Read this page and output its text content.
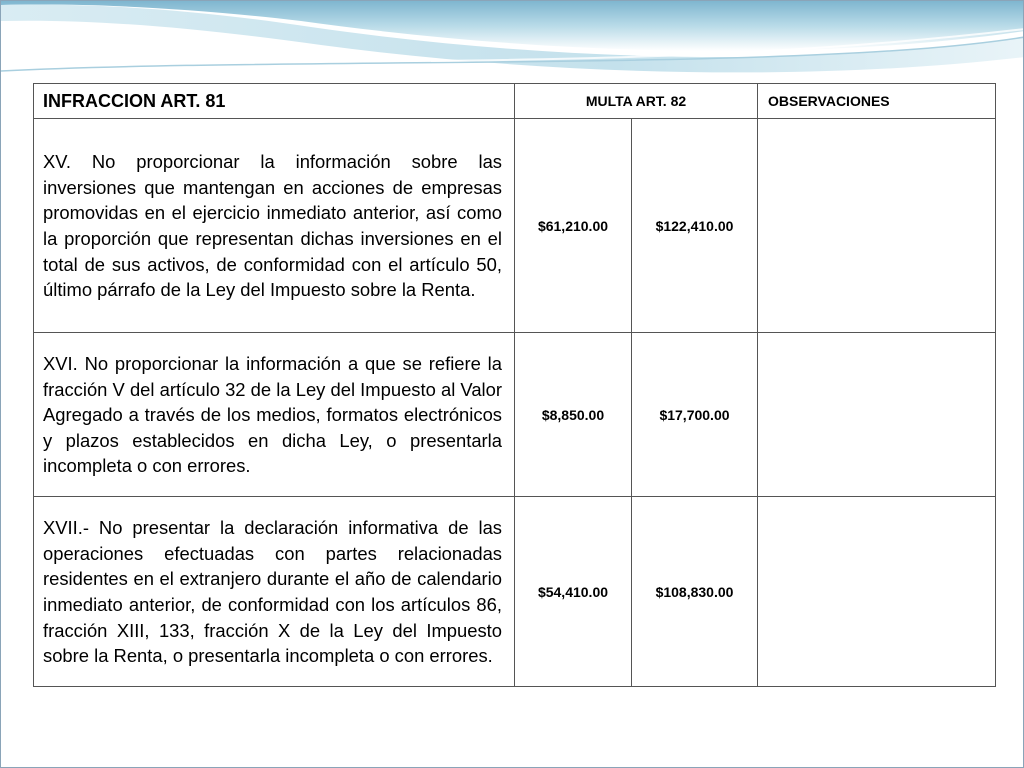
INFRACCION ART. 81	MULTA ART. 82		OBSERVACIONES
XV. No proporcionar la información sobre las inversiones que mantengan en acciones de empresas promovidas en el ejercicio inmediato anterior, así como la proporción que representan dichas inversiones en el total de sus activos, de conformidad con el artículo 50, último párrafo de la Ley del Impuesto sobre la Renta.	$61,210.00	$122,410.00	
XVI. No proporcionar la información a que se refiere la fracción V del artículo 32 de la Ley del Impuesto al Valor Agregado a través de los medios, formatos electrónicos y plazos establecidos en dicha Ley, o presentarla incompleta o con errores.	$8,850.00	$17,700.00	
XVII.- No presentar la declaración informativa de las operaciones efectuadas con partes relacionadas residentes en el extranjero durante el año de calendario inmediato anterior, de conformidad con los artículos 86, fracción XIII, 133, fracción X de la Ley del Impuesto sobre la Renta, o presentarla incompleta o con errores.	$54,410.00	$108,830.00	
